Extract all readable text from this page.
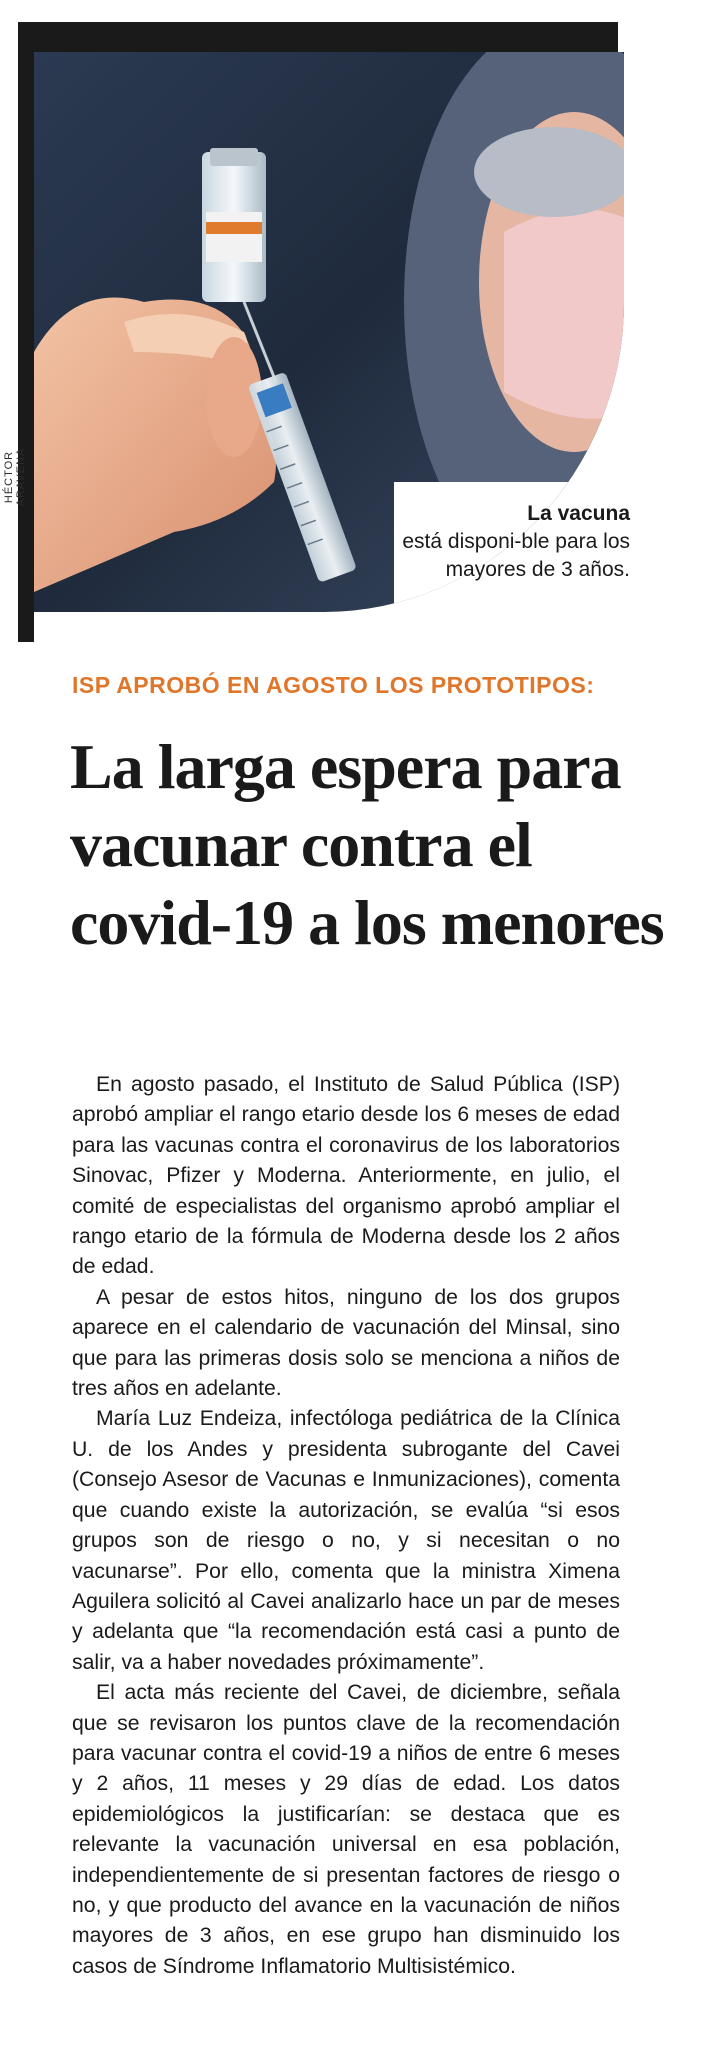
HÉCTOR ARAVENA
La vacuna
está disponi-ble para los mayores de 3 años.
ISP APROBÓ EN AGOSTO LOS PROTOTIPOS:
La larga espera para vacunar contra el covid-19 a los menores

En agosto pasado, el Instituto de Salud Pública (ISP) aprobó ampliar el rango etario desde los 6 meses de edad para las vacunas contra el coronavirus de los laboratorios Sinovac, Pfizer y Moderna. Anteriormente, en julio, el comité de especialistas del organismo aprobó ampliar el rango etario de la fórmula de Moderna desde los 2 años de edad.

A pesar de estos hitos, ninguno de los dos grupos aparece en el calendario de vacunación del Minsal, sino que para las primeras dosis solo se menciona a niños de tres años en adelante.

María Luz Endeiza, infectóloga pediátrica de la Clínica U. de los Andes y presidenta subrogante del Cavei (Consejo Asesor de Vacunas e Inmunizaciones), comenta que cuando existe la autorización, se evalúa “si esos grupos son de riesgo o no, y si necesitan o no vacunarse”. Por ello, comenta que la ministra Ximena Aguilera solicitó al Cavei analizarlo hace un par de meses y adelanta que “la recomendación está casi a punto de salir, va a haber novedades próximamente”.

El acta más reciente del Cavei, de diciembre, señala que se revisaron los puntos clave de la recomendación para vacunar contra el covid-19 a niños de entre 6 meses y 2 años, 11 meses y 29 días de edad. Los datos epidemiológicos la justificarían: se destaca que es relevante la vacunación universal en esa población, independientemente de si presentan factores de riesgo o no, y que producto del avance en la vacunación de niños mayores de 3 años, en ese grupo han disminuido los casos de Síndrome Inflamatorio Multisistémico.
